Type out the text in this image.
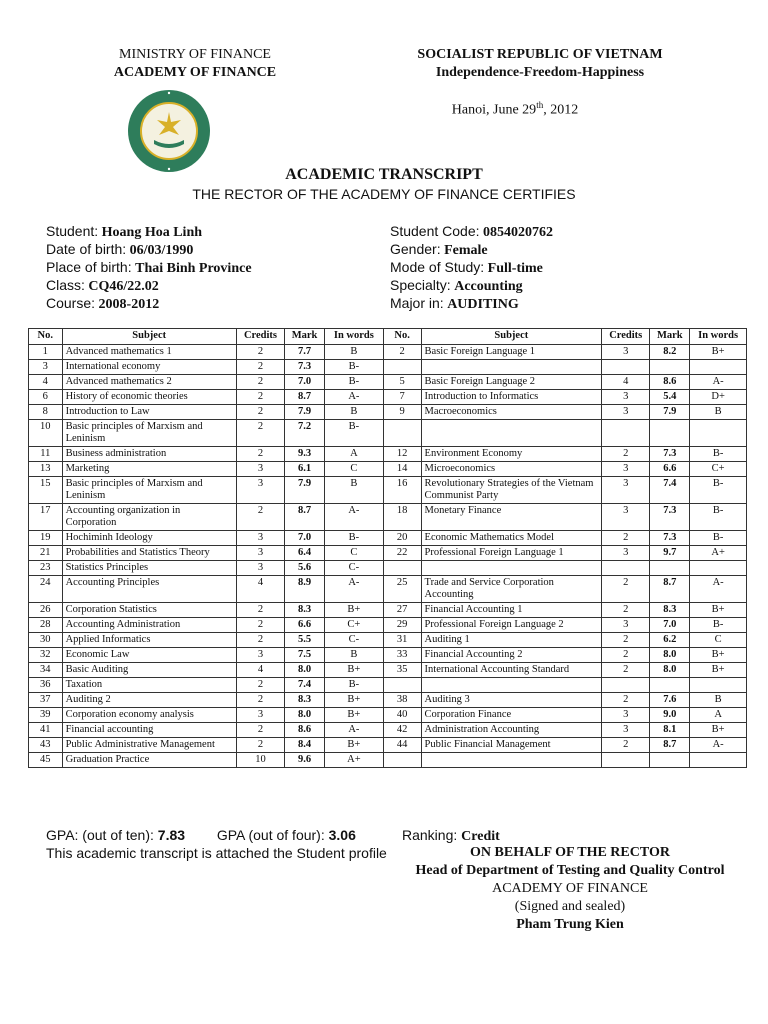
MINISTRY OF FINANCE
ACADEMY OF FINANCE
SOCIALIST REPUBLIC OF VIETNAM
Independence-Freedom-Happiness
Hanoi, June 29th, 2012
ACADEMIC TRANSCRIPT
THE RECTOR OF THE ACADEMY OF FINANCE CERTIFIES
Student: Hoang Hoa Linh
Date of birth: 06/03/1990
Place of birth: Thai Binh Province
Class: CQ46/22.02
Course: 2008-2012
Student Code: 0854020762
Gender: Female
Mode of Study: Full-time
Specialty: Accounting
Major in: AUDITING
No.	Subject	Credits	Mark	In words	No.	Subject	Credits	Mark	In words
1	Advanced mathematics 1	2	7.7	B	2	Basic Foreign Language 1	3	8.2	B+
3	International economy	2	7.3	B-					
4	Advanced mathematics 2	2	7.0	B-	5	Basic Foreign Language 2	4	8.6	A-
6	History of economic theories	2	8.7	A-	7	Introduction to Informatics	3	5.4	D+
8	Introduction to Law	2	7.9	B	9	Macroeconomics	3	7.9	B
10	Basic principles of Marxism and Leninism	2	7.2	B-					
11	Business administration	2	9.3	A	12	Environment Economy	2	7.3	B-
13	Marketing	3	6.1	C	14	Microeconomics	3	6.6	C+
15	Basic principles of Marxism and Leninism	3	7.9	B	16	Revolutionary Strategies of the Vietnam Communist Party	3	7.4	B-
17	Accounting organization in Corporation	2	8.7	A-	18	Monetary Finance	3	7.3	B-
19	Hochiminh Ideology	3	7.0	B-	20	Economic Mathematics Model	2	7.3	B-
21	Probabilities and Statistics Theory	3	6.4	C	22	Professional Foreign Language 1	3	9.7	A+
23	Statistics Principles	3	5.6	C-					
24	Accounting Principles	4	8.9	A-	25	Trade and Service Corporation Accounting	2	8.7	A-
26	Corporation Statistics	2	8.3	B+	27	Financial Accounting 1	2	8.3	B+
28	Accounting Administration	2	6.6	C+	29	Professional Foreign Language 2	3	7.0	B-
30	Applied Informatics	2	5.5	C-	31	Auditing 1	2	6.2	C
32	Economic Law	3	7.5	B	33	Financial Accounting 2	2	8.0	B+
34	Basic Auditing	4	8.0	B+	35	International Accounting Standard	2	8.0	B+
36	Taxation	2	7.4	B-					
37	Auditing 2	2	8.3	B+	38	Auditing 3	2	7.6	B
39	Corporation economy analysis	3	8.0	B+	40	Corporation Finance	3	9.0	A
41	Financial accounting	2	8.6	A-	42	Administration Accounting	3	8.1	B+
43	Public Administrative Management	2	8.4	B+	44	Public Financial Management	2	8.7	A-
45	Graduation Practice	10	9.6	A+					
GPA: (out of ten): 7.83 GPA (out of four): 3.06	Ranking: Credit
This academic transcript is attached the Student profile	ON BEHALF OF THE RECTOR
Head of Department of Testing and Quality Control
ACADEMY OF FINANCE
(Signed and sealed)
Pham Trung Kien
